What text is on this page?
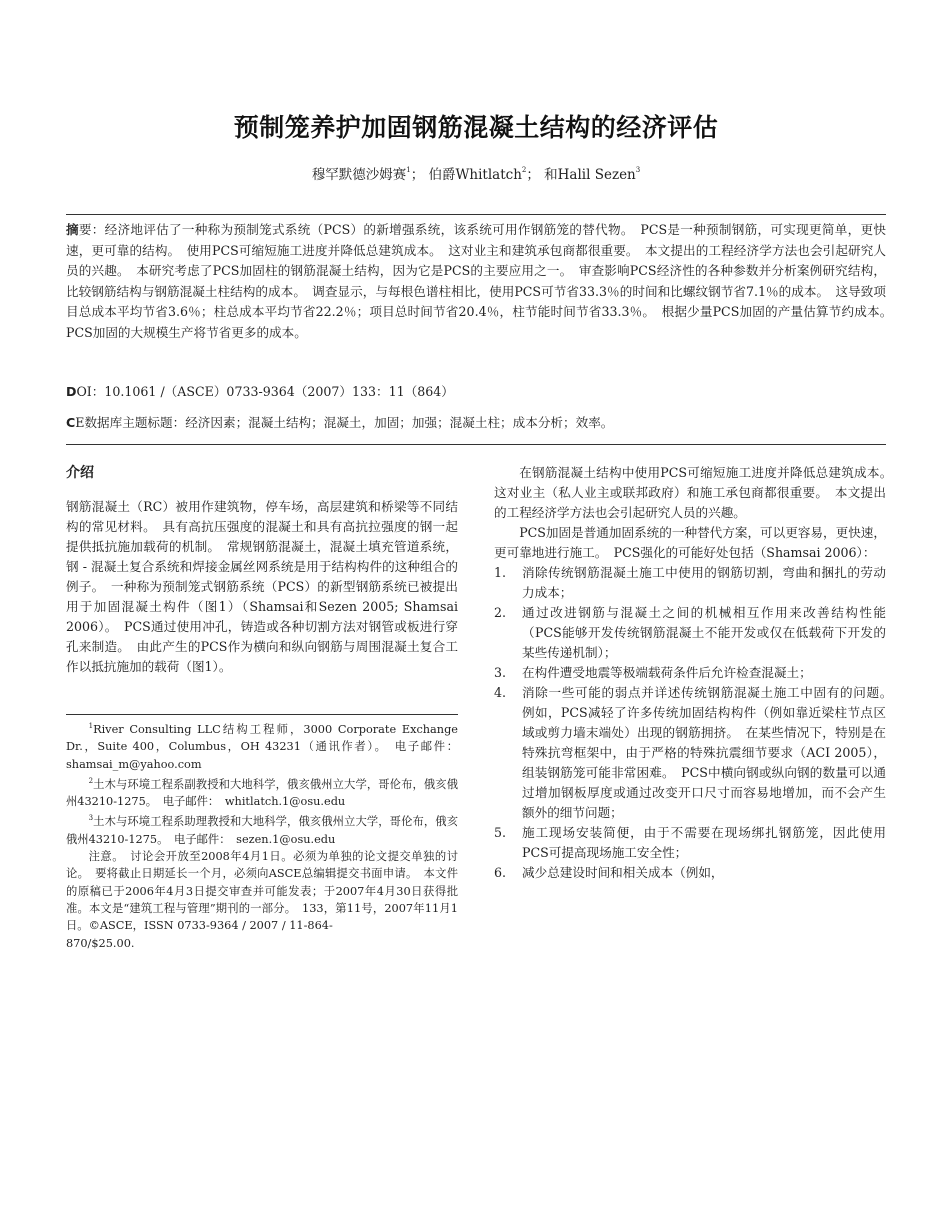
预制笼养护加固钢筋混凝土结构的经济评估
穆罕默德沙姆赛$^1$； 伯爵Whitlatch$^2$； 和Halil Sezen$^3$
摘要：经济地评估了一种称为预制笼式系统（PCS）的新增强系统，该系统可用作钢筋笼的替代物。　PCS是一种预制钢筋，可实现更简单，更快速，更可靠的结构。　使用PCS可缩短施工进度并降低总建筑成本。　这对业主和建筑承包商都很重要。　本文提出的工程经济学方法也会引起研究人员的兴趣。　本研究考虑了PCS加固柱的钢筋混凝土结构，因为它是PCS的主要应用之一。　审查影响PCS经济性的各种参数并分析案例研究结构，比较钢筋结构与钢筋混凝土柱结构的成本。　调查显示，与每根色谱柱相比，使用PCS可节省33.3％的时间和比螺纹钢节省7.1％的成本。　这导致项目总成本平均节省3.6％；柱总成本平均节省22.2％；项目总时间节省20.4％，柱节能时间节省33.3％。　根据少量PCS加固的产量估算节约成本。　PCS加固的大规模生产将节省更多的成本。
DOI：10.1061 /（ASCE）0733-9364（2007）133：11（864）
CE数据库主题标题：经济因素；混凝土结构；混凝土，加固；加强；混凝土柱；成本分析；效率。
介绍

钢筋混凝土（RC）被用作建筑物，停车场，高层建筑和桥梁等不同结构的常见材料。　具有高抗压强度的混凝土和具有高抗拉强度的钢一起提供抵抗施加载荷的机制。　常规钢筋混凝土，混凝土填充管道系统，钢 - 混凝土复合系统和焊接金属丝网系统是用于结构构件的这种组合的例子。　一种称为预制笼式钢筋系统（PCS）的新型钢筋系统已被提出用于加固混凝土构件（图1）（Shamsai和Sezen 2005; Shamsai 2006）。　PCS通过使用冲孔，铸造或各种切割方法对钢管或板进行穿孔来制造。　由此产生的PCS作为横向和纵向钢筋与周围混凝土复合工作以抵抗施加的载荷（图1）。

$^1$River Consulting LLC结构工程师，3000 Corporate Exchange Dr.，Suite 400，Columbus，OH 43231（通讯作者）。　电子邮件：shamsai_m@yahoo.com

$^2$土木与环境工程系副教授和大地科学，俄亥俄州立大学，哥伦布，俄亥俄州43210-1275。　电子邮件：　whitlatch.1@osu.edu

$^3$土木与环境工程系助理教授和大地科学，俄亥俄州立大学，哥伦布，俄亥俄州43210-1275。　电子邮件：　sezen.1@osu.edu

注意。　讨论会开放至2008年4月1日。必须为单独的论文提交单独的讨论。　要将截止日期延长一个月，必须向ASCE总编辑提交书面申请。　本文件的原稿已于2006年4月3日提交审查并可能发表；于2007年4月30日获得批准。本文是“建筑工程与管理”期刊的一部分。　133，第11号，2007年11月1日。©ASCE，ISSN 0733-9364 / 2007 / 11-864-

870/$25.00.

在钢筋混凝土结构中使用PCS可缩短施工进度并降低总建筑成本。　这对业主（私人业主或联邦政府）和施工承包商都很重要。　本文提出的工程经济学方法也会引起研究人员的兴趣。

PCS加固是普通加固系统的一种替代方案，可以更容易，更快速，更可靠地进行施工。　PCS强化的可能好处包括（Shamsai 2006）：

1. 消除传统钢筋混凝土施工中使用的钢筋切割，弯曲和捆扎的劳动力成本；
2. 通过改进钢筋与混凝土之间的机械相互作用来改善结构性能（PCS能够开发传统钢筋混凝土不能开发或仅在低载荷下开发的某些传递机制）；
3. 在构件遭受地震等极端载荷条件后允许检查混凝土；
4. 消除一些可能的弱点并详述传统钢筋混凝土施工中固有的问题。　例如，PCS减轻了许多传统加固结构构件（例如靠近梁柱节点区域或剪力墙末端处）出现的钢筋拥挤。　在某些情况下，特别是在特殊抗弯框架中，由于严格的特殊抗震细节要求（ACI 2005），组装钢筋笼可能非常困难。　PCS中横向钢或纵向钢的数量可以通过增加钢板厚度或通过改变开口尺寸而容易地增加，而不会产生额外的细节问题；
5. 施工现场安装简便，由于不需要在现场绑扎钢筋笼，因此使用PCS可提高现场施工安全性；
6. 减少总建设时间和相关成本（例如，
